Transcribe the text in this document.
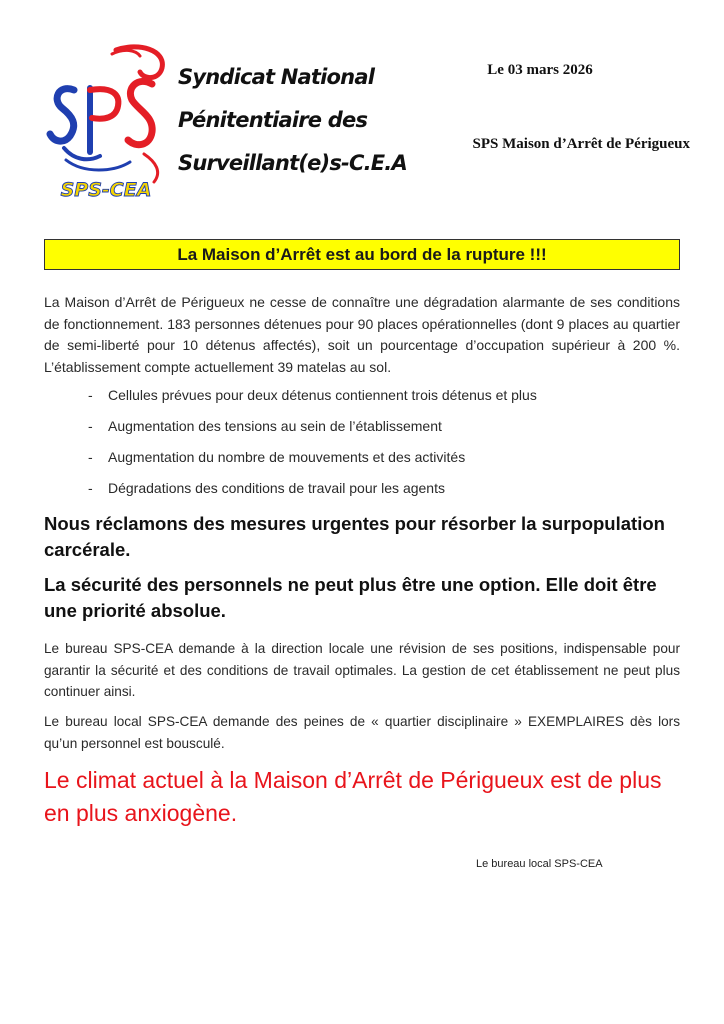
SPS-CEA
Syndicat National
Pénitentiaire des
Surveillant(e)s-C.E.A
Le 03 mars 2026
SPS Maison d’Arrêt de Périgueux
La Maison d’Arrêt est au bord de la rupture !!!
La Maison d’Arrêt de Périgueux ne cesse de connaître une dégradation alarmante de ses conditions de fonctionnement. 183 personnes détenues pour 90 places opérationnelles (dont 9 places au quartier de semi-liberté pour 10 détenus affectés), soit un pourcentage d’occupation supérieur à 200 %. L’établissement compte actuellement 39 matelas au sol.
- Cellules prévues pour deux détenus contiennent trois détenus et plus
- Augmentation des tensions au sein de l’établissement
- Augmentation du nombre de mouvements et des activités
- Dégradations des conditions de travail pour les agents
Nous réclamons des mesures urgentes pour résorber la surpopulation carcérale.
La sécurité des personnels ne peut plus être une option. Elle doit être une priorité absolue.
Le bureau SPS-CEA demande à la direction locale une révision de ses positions, indispensable pour garantir la sécurité et des conditions de travail optimales. La gestion de cet établissement ne peut plus continuer ainsi.
Le bureau local SPS-CEA demande des peines de « quartier disciplinaire » EXEMPLAIRES dès lors qu’un personnel est bousculé.
Le climat actuel à la Maison d’Arrêt de Périgueux est de plus en plus anxiogène.
Le bureau local SPS-CEA
